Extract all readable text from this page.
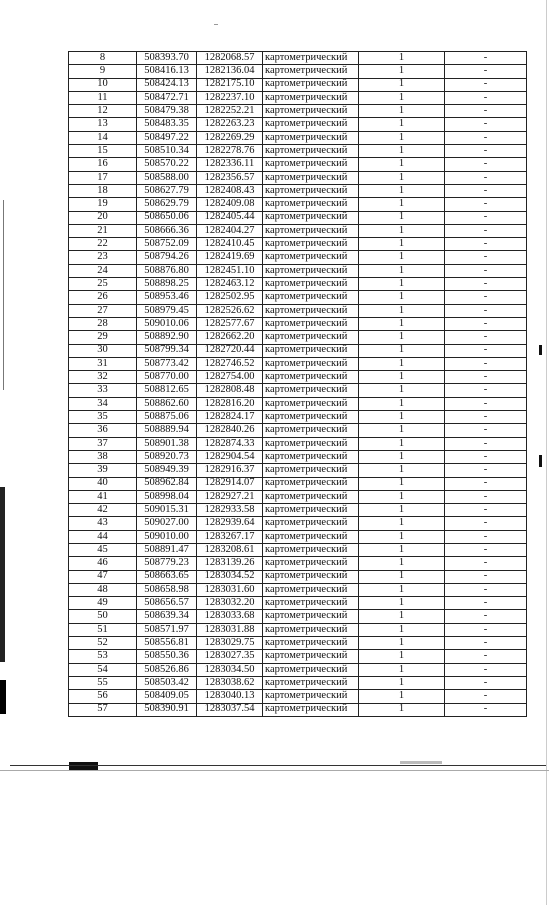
8	508393.70	1282068.57	картометрический	1	-
9	508416.13	1282136.04	картометрический	1	-
10	508424.13	1282175.10	картометрический	1	-
11	508472.71	1282237.10	картометрический	1	-
12	508479.38	1282252.21	картометрический	1	-
13	508483.35	1282263.23	картометрический	1	-
14	508497.22	1282269.29	картометрический	1	-
15	508510.34	1282278.76	картометрический	1	-
16	508570.22	1282336.11	картометрический	1	-
17	508588.00	1282356.57	картометрический	1	-
18	508627.79	1282408.43	картометрический	1	-
19	508629.79	1282409.08	картометрический	1	-
20	508650.06	1282405.44	картометрический	1	-
21	508666.36	1282404.27	картометрический	1	-
22	508752.09	1282410.45	картометрический	1	-
23	508794.26	1282419.69	картометрический	1	-
24	508876.80	1282451.10	картометрический	1	-
25	508898.25	1282463.12	картометрический	1	-
26	508953.46	1282502.95	картометрический	1	-
27	508979.45	1282526.62	картометрический	1	-
28	509010.06	1282577.67	картометрический	1	-
29	508892.90	1282662.20	картометрический	1	-
30	508799.34	1282720.44	картометрический	1	-
31	508773.42	1282746.52	картометрический	1	-
32	508770.00	1282754.00	картометрический	1	-
33	508812.65	1282808.48	картометрический	1	-
34	508862.60	1282816.20	картометрический	1	-
35	508875.06	1282824.17	картометрический	1	-
36	508889.94	1282840.26	картометрический	1	-
37	508901.38	1282874.33	картометрический	1	-
38	508920.73	1282904.54	картометрический	1	-
39	508949.39	1282916.37	картометрический	1	-
40	508962.84	1282914.07	картометрический	1	-
41	508998.04	1282927.21	картометрический	1	-
42	509015.31	1282933.58	картометрический	1	-
43	509027.00	1282939.64	картометрический	1	-
44	509010.00	1283267.17	картометрический	1	-
45	508891.47	1283208.61	картометрический	1	-
46	508779.23	1283139.26	картометрический	1	-
47	508663.65	1283034.52	картометрический	1	-
48	508658.98	1283031.60	картометрический	1	-
49	508656.57	1283032.20	картометрический	1	-
50	508639.34	1283033.68	картометрический	1	-
51	508571.97	1283031.88	картометрический	1	-
52	508556.81	1283029.75	картометрический	1	-
53	508550.36	1283027.35	картометрический	1	-
54	508526.86	1283034.50	картометрический	1	-
55	508503.42	1283038.62	картометрический	1	-
56	508409.05	1283040.13	картометрический	1	-
57	508390.91	1283037.54	картометрический	1	-
